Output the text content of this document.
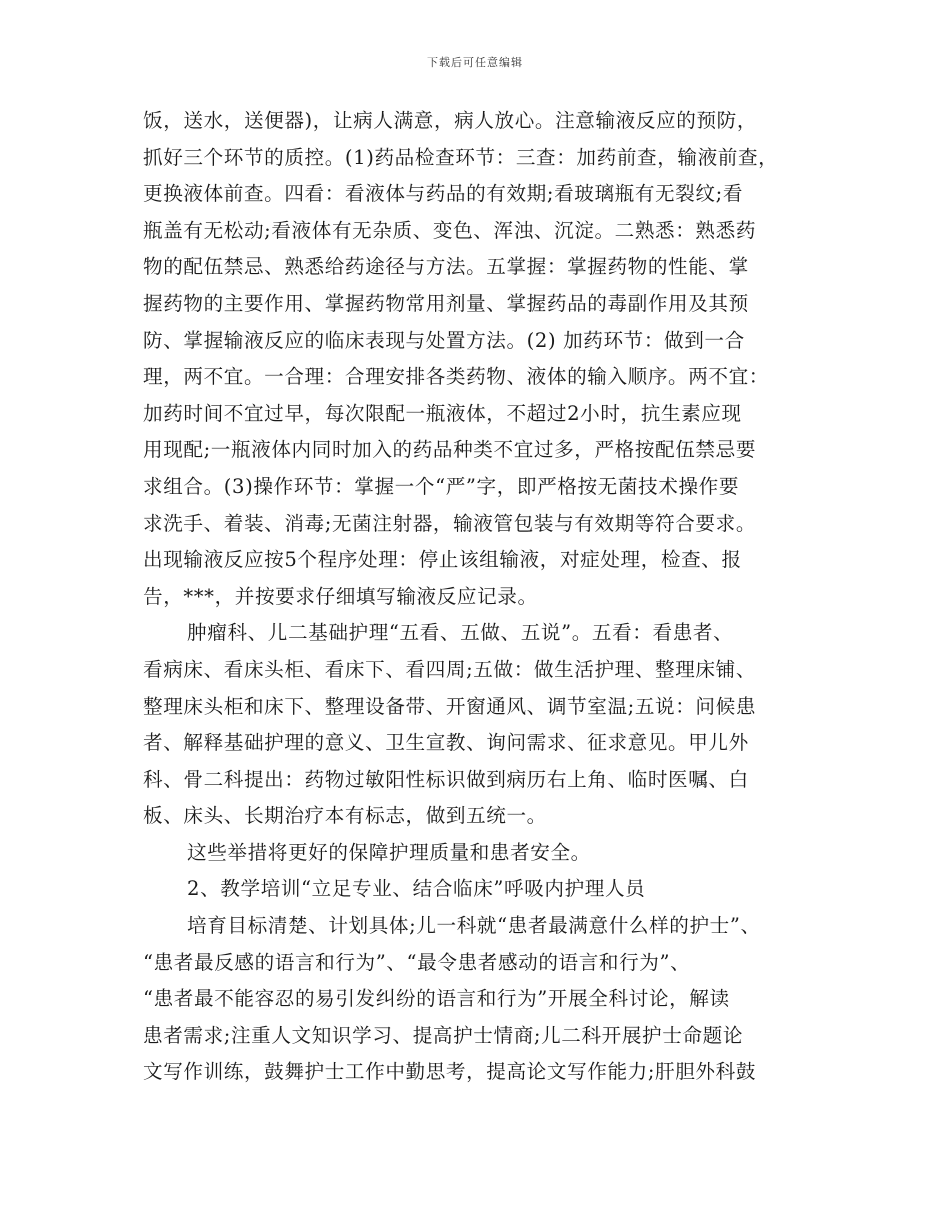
下载后可任意编辑
饭，送水，送便器)，让病人满意，病人放心。注意输液反应的预防，
抓好三个环节的质控。(1)药品检查环节：三查：加药前查，输液前查，
更换液体前查。四看：看液体与药品的有效期;看玻璃瓶有无裂纹;看
瓶盖有无松动;看液体有无杂质、变色、浑浊、沉淀。二熟悉：熟悉药
物的配伍禁忌、熟悉给药途径与方法。五掌握：掌握药物的性能、掌
握药物的主要作用、掌握药物常用剂量、掌握药品的毒副作用及其预
防、掌握输液反应的临床表现与处置方法。(2) 加药环节：做到一合
理，两不宜。一合理：合理安排各类药物、液体的输入顺序。两不宜：
加药时间不宜过早，每次限配一瓶液体，不超过2小时，抗生素应现
用现配;一瓶液体内同时加入的药品种类不宜过多，严格按配伍禁忌要
求组合。(3)操作环节：掌握一个“严”字，即严格按无菌技术操作要
求洗手、着装、消毒;无菌注射器，输液管包装与有效期等符合要求。
出现输液反应按5个程序处理：停止该组输液，对症处理，检查、报
告，***，并按要求仔细填写输液反应记录。
肿瘤科、儿二基础护理“五看、五做、五说”。五看：看患者、
看病床、看床头柜、看床下、看四周;五做：做生活护理、整理床铺、
整理床头柜和床下、整理设备带、开窗通风、调节室温;五说：问候患
者、解释基础护理的意义、卫生宣教、询问需求、征求意见。甲儿外
科、骨二科提出：药物过敏阳性标识做到病历右上角、临时医嘱、白
板、床头、长期治疗本有标志，做到五统一。
这些举措将更好的保障护理质量和患者安全。
2、教学培训“立足专业、结合临床”呼吸内护理人员
培育目标清楚、计划具体;儿一科就“患者最满意什么样的护士”、
“患者最反感的语言和行为”、“最令患者感动的语言和行为”、
“患者最不能容忍的易引发纠纷的语言和行为”开展全科讨论，解读
患者需求;注重人文知识学习、提高护士情商;儿二科开展护士命题论
文写作训练，鼓舞护士工作中勤思考，提高论文写作能力;肝胆外科鼓
